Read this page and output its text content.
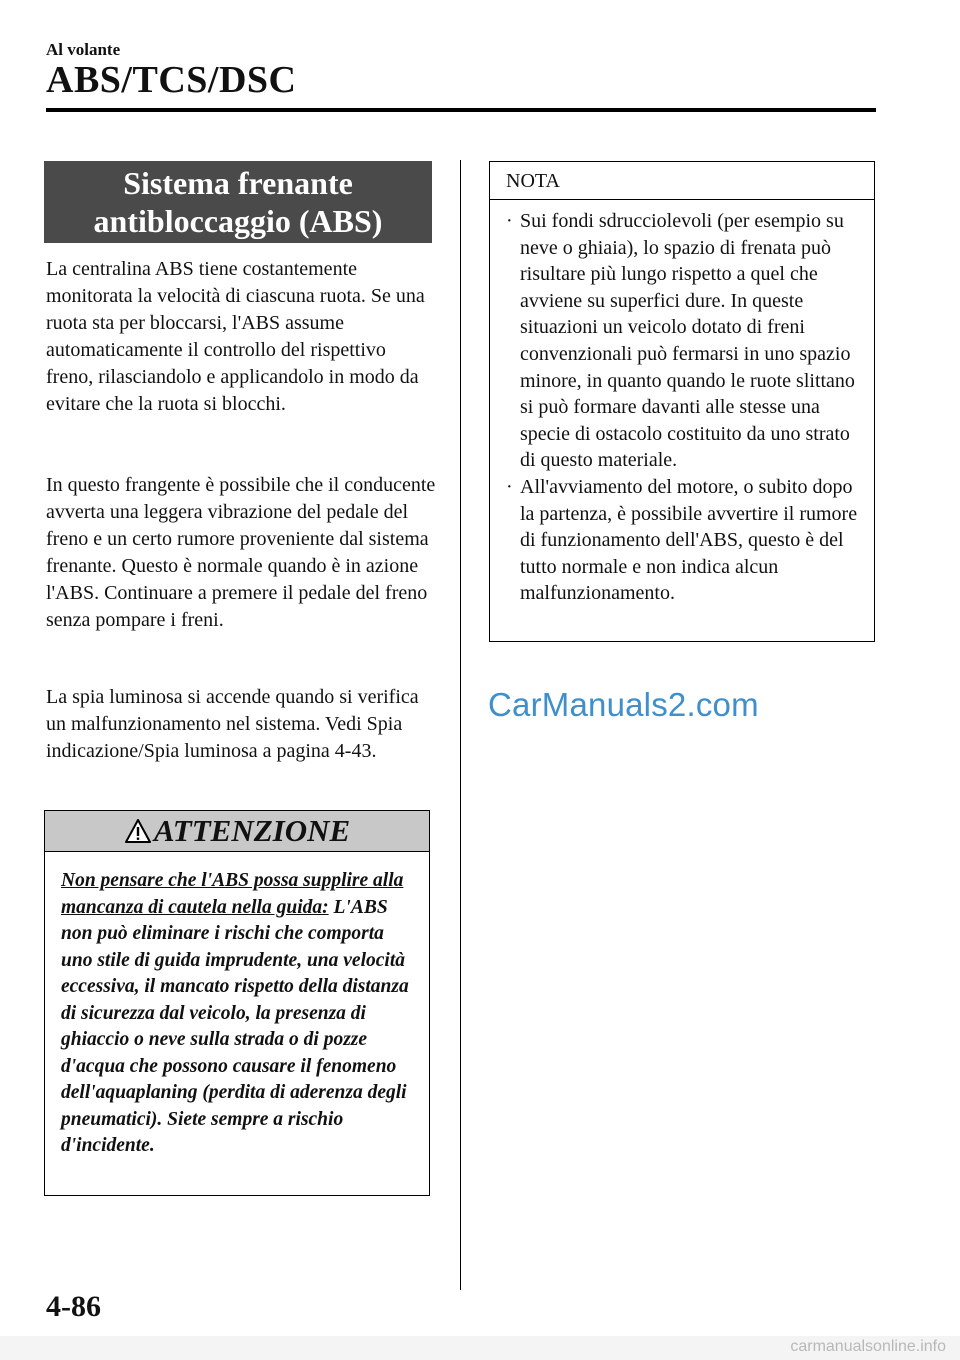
Al volante
ABS/TCS/DSC
Sistema frenante
antibloccaggio (ABS)

La centralina ABS tiene costantemente monitorata la velocità di ciascuna ruota. Se una ruota sta per bloccarsi, l'ABS assume automaticamente il controllo del rispettivo freno, rilasciandolo e applicandolo in modo da evitare che la ruota si blocchi.

In questo frangente è possibile che il conducente avverta una leggera vibrazione del pedale del freno e un certo rumore proveniente dal sistema frenante. Questo è normale quando è in azione l'ABS. Continuare a premere il pedale del freno senza pompare i freni.

La spia luminosa si accende quando si verifica un malfunzionamento nel sistema. Vedi Spia indicazione/Spia luminosa a pagina 4-43.

ATTENZIONE
Non pensare che l'ABS possa supplire alla mancanza di cautela nella guida: L'ABS non può eliminare i rischi che comporta uno stile di guida imprudente, una velocità eccessiva, il mancato rispetto della distanza di sicurezza dal veicolo, la presenza di ghiaccio o neve sulla strada o di pozze d'acqua che possono causare il fenomeno dell'aquaplaning (perdita di aderenza degli pneumatici). Siete sempre a rischio d'incidente.
NOTA
· Sui fondi sdrucciolevoli (per esempio su neve o ghiaia), lo spazio di frenata può risultare più lungo rispetto a quel che avviene su superfici dure. In queste situazioni un veicolo dotato di freni convenzionali può fermarsi in uno spazio minore, in quanto quando le ruote slittano si può formare davanti alle stesse una specie di ostacolo costituito da uno strato di questo materiale.
· All'avviamento del motore, o subito dopo la partenza, è possibile avvertire il rumore di funzionamento dell'ABS, questo è del tutto normale e non indica alcun malfunzionamento.
CarManuals2.com
4-86
carmanualsonline.info
